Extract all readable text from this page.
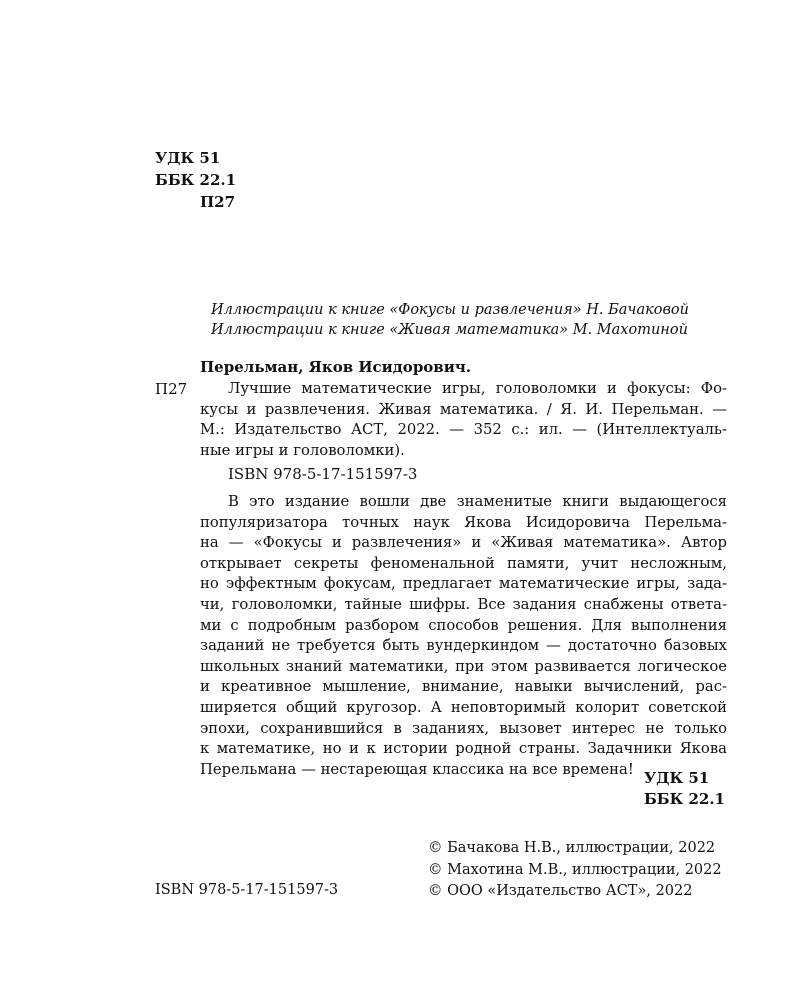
УДК 51
ББК 22.1
П27
Иллюстрации к книге «Фокусы и развлечения» Н. Бачаковой
Иллюстрации к книге «Живая математика» М. Махотиной
Перельман, Яков Исидорович.
П27	Лучшие математические игры, головоломки и фокусы: Фо-
кусы и развлечения. Живая математика. / Я. И. Перельман. —
М.: Издательство АСТ, 2022. — 352 с.: ил. — (Интеллектуаль-
ные игры и головоломки).
ISBN 978-5-17-151597-3
В это издание вошли две знаменитые книги выдающегося
популяризатора точных наук Якова Исидоровича Перельма-
на — «Фокусы и развлечения» и «Живая математика». Автор
открывает секреты феноменальной памяти, учит несложным,
но эффектным фокусам, предлагает математические игры, зада-
чи, головоломки, тайные шифры. Все задания снабжены ответа-
ми с подробным разбором способов решения. Для выполнения
заданий не требуется быть вундеркиндом — достаточно базовых
школьных знаний математики, при этом развивается логическое
и креативное мышление, внимание, навыки вычислений, рас-
ширяется общий кругозор. А неповторимый колорит советской
эпохи, сохранившийся в заданиях, вызовет интерес не только
к математике, но и к истории родной страны. Задачники Якова
Перельмана — нестареющая классика на все времена! УДК 51
ББК 22.1
ISBN 978-5-17-151597-3
© Бачакова Н.В., иллюстрации, 2022
© Махотина М.В., иллюстрации, 2022
© ООО «Издательство АСТ», 2022
